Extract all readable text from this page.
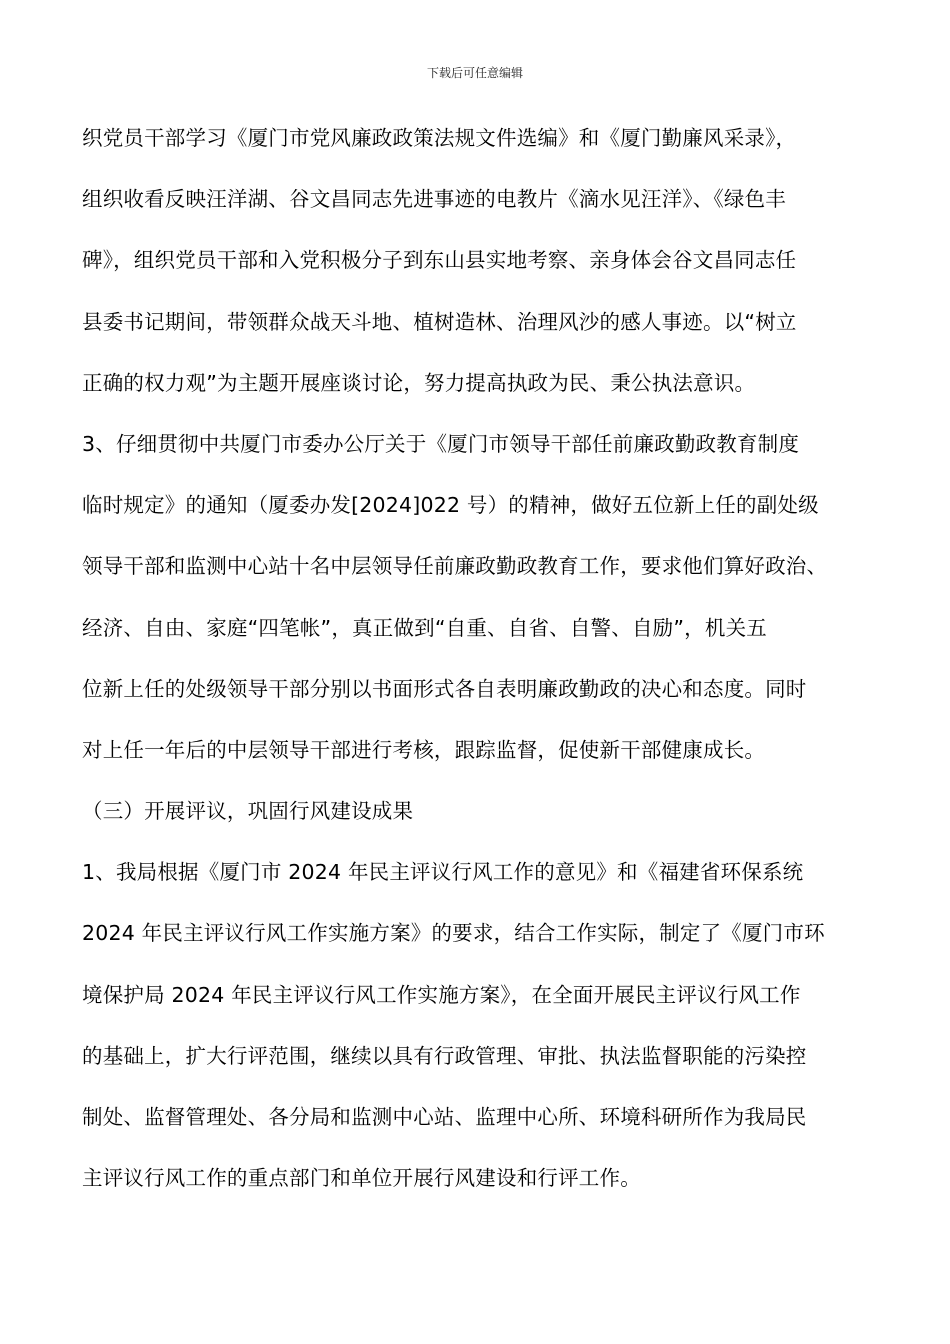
下载后可任意编辑
织党员干部学习《厦门市党风廉政政策法规文件选编》和《厦门勤廉风采录》，
组织收看反映汪洋湖、谷文昌同志先进事迹的电教片《滴水见汪洋》、《绿色丰
碑》，组织党员干部和入党积极分子到东山县实地考察、亲身体会谷文昌同志任
县委书记期间，带领群众战天斗地、植树造林、治理风沙的感人事迹。以“树立
正确的权力观”为主题开展座谈讨论，努力提高执政为民、秉公执法意识。
3、仔细贯彻中共厦门市委办公厅关于《厦门市领导干部任前廉政勤政教育制度
临时规定》的通知（厦委办发[2024]022 号）的精神，做好五位新上任的副处级
领导干部和监测中心站十名中层领导任前廉政勤政教育工作，要求他们算好政治、
经济、自由、家庭“四笔帐”，真正做到“自重、自省、自警、自励”，机关五
位新上任的处级领导干部分别以书面形式各自表明廉政勤政的决心和态度。同时
对上任一年后的中层领导干部进行考核，跟踪监督，促使新干部健康成长。
（三）开展评议，巩固行风建设成果
1、我局根据《厦门市 2024 年民主评议行风工作的意见》和《福建省环保系统
2024 年民主评议行风工作实施方案》的要求，结合工作实际，制定了《厦门市环
境保护局 2024 年民主评议行风工作实施方案》，在全面开展民主评议行风工作
的基础上，扩大行评范围，继续以具有行政管理、审批、执法监督职能的污染控
制处、监督管理处、各分局和监测中心站、监理中心所、环境科研所作为我局民
主评议行风工作的重点部门和单位开展行风建设和行评工作。
